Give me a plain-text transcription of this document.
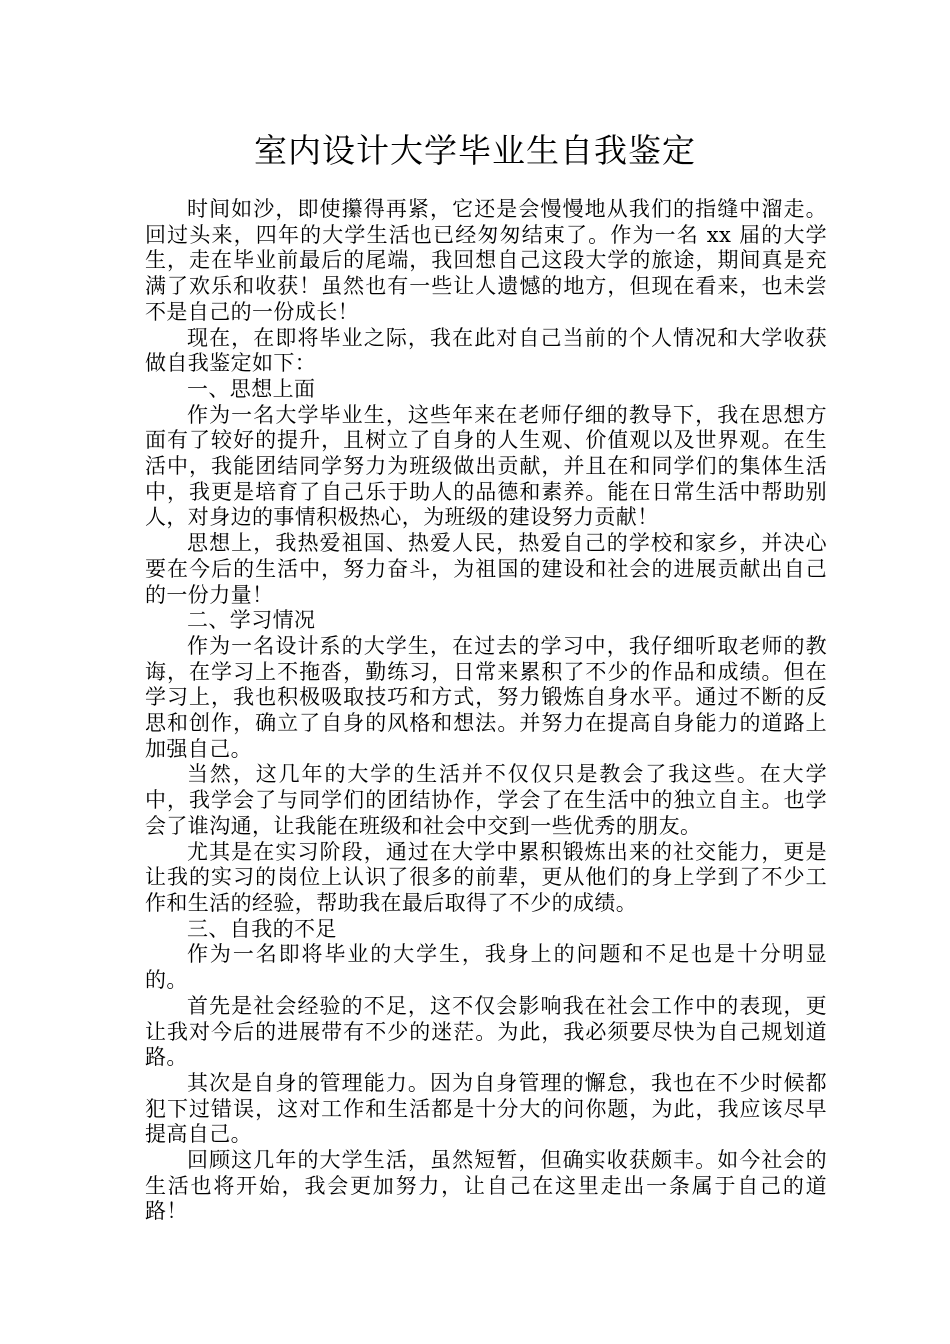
室内设计大学毕业生自我鉴定

时间如沙，即使攥得再紧，它还是会慢慢地从我们的指缝中溜走。回过头来，四年的大学生活也已经匆匆结束了。作为一名 xx 届的大学生，走在毕业前最后的尾端，我回想自己这段大学的旅途，期间真是充满了欢乐和收获！虽然也有一些让人遗憾的地方，但现在看来，也未尝不是自己的一份成长！

现在，在即将毕业之际，我在此对自己当前的个人情况和大学收获做自我鉴定如下：

一、思想上面

作为一名大学毕业生，这些年来在老师仔细的教导下，我在思想方面有了较好的提升，且树立了自身的人生观、价值观以及世界观。在生活中，我能团结同学努力为班级做出贡献，并且在和同学们的集体生活中，我更是培育了自己乐于助人的品德和素养。能在日常生活中帮助别人，对身边的事情积极热心，为班级的建设努力贡献！

思想上，我热爱祖国、热爱人民，热爱自己的学校和家乡，并决心要在今后的生活中，努力奋斗，为祖国的建设和社会的进展贡献出自己的一份力量！

二、学习情况

作为一名设计系的大学生，在过去的学习中，我仔细听取老师的教诲，在学习上不拖沓，勤练习，日常来累积了不少的作品和成绩。但在学习上，我也积极吸取技巧和方式，努力锻炼自身水平。通过不断的反思和创作，确立了自身的风格和想法。并努力在提高自身能力的道路上加强自己。

当然，这几年的大学的生活并不仅仅只是教会了我这些。在大学中，我学会了与同学们的团结协作，学会了在生活中的独立自主。也学会了谁沟通，让我能在班级和社会中交到一些优秀的朋友。

尤其是在实习阶段，通过在大学中累积锻炼出来的社交能力，更是让我的实习的岗位上认识了很多的前辈，更从他们的身上学到了不少工作和生活的经验，帮助我在最后取得了不少的成绩。

三、自我的不足

作为一名即将毕业的大学生，我身上的问题和不足也是十分明显的。

首先是社会经验的不足，这不仅会影响我在社会工作中的表现，更让我对今后的进展带有不少的迷茫。为此，我必须要尽快为自己规划道路。

其次是自身的管理能力。因为自身管理的懈怠，我也在不少时候都犯下过错误，这对工作和生活都是十分大的问你题，为此，我应该尽早提高自己。

回顾这几年的大学生活，虽然短暂，但确实收获颇丰。如今社会的生活也将开始，我会更加努力，让自己在这里走出一条属于自己的道路！
